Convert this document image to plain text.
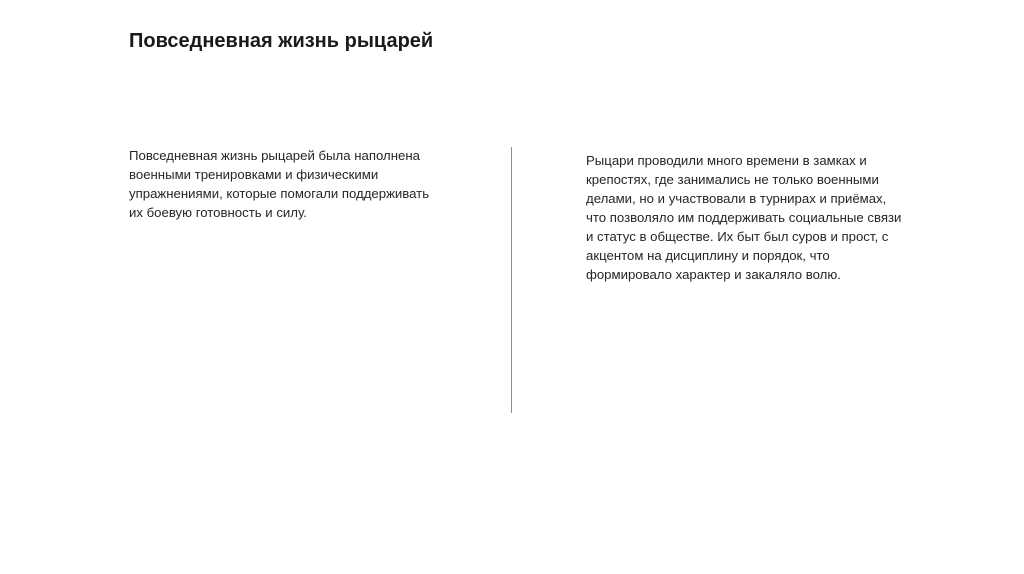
Повседневная жизнь рыцарей
Повседневная жизнь рыцарей была наполнена
военными тренировками и физическими
упражнениями, которые помогали поддерживать
их боевую готовность и силу.
Рыцари проводили много времени в замках и
крепостях, где занимались не только военными
делами, но и участвовали в турнирах и приёмах,
что позволяло им поддерживать социальные связи
и статус в обществе. Их быт был суров и прост, с
акцентом на дисциплину и порядок, что
формировало характер и закаляло волю.
